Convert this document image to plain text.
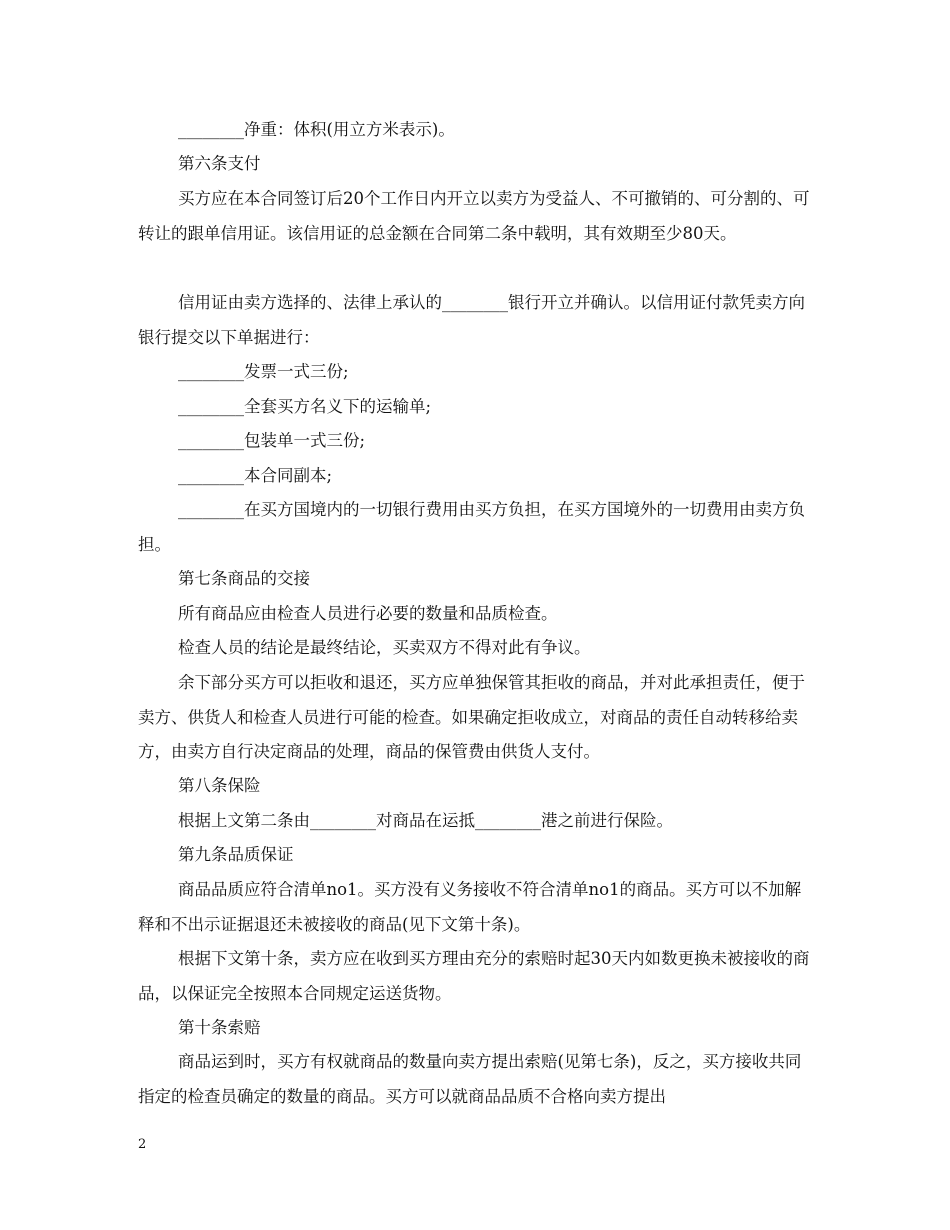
________净重：体积(用立方米表示)。

第六条支付

买方应在本合同签订后20个工作日内开立以卖方为受益人、不可撤销的、可分割的、可转让的跟单信用证。该信用证的总金额在合同第二条中载明，其有效期至少80天。

信用证由卖方选择的、法律上承认的________银行开立并确认。以信用证付款凭卖方向银行提交以下单据进行：

________发票一式三份;

________全套买方名义下的运输单;

________包装单一式三份;

________本合同副本;

________在买方国境内的一切银行费用由买方负担，在买方国境外的一切费用由卖方负担。

第七条商品的交接

所有商品应由检查人员进行必要的数量和品质检查。

检查人员的结论是最终结论，买卖双方不得对此有争议。

余下部分买方可以拒收和退还，买方应单独保管其拒收的商品，并对此承担责任，便于卖方、供货人和检查人员进行可能的检查。如果确定拒收成立，对商品的责任自动转移给卖方，由卖方自行决定商品的处理，商品的保管费由供货人支付。

第八条保险

根据上文第二条由________对商品在运抵________港之前进行保险。

第九条品质保证

商品品质应符合清单no1。买方没有义务接收不符合清单no1的商品。买方可以不加解释和不出示证据退还未被接收的商品(见下文第十条)。

根据下文第十条，卖方应在收到买方理由充分的索赔时起30天内如数更换未被接收的商品，以保证完全按照本合同规定运送货物。

第十条索赔

商品运到时，买方有权就商品的数量向卖方提出索赔(见第七条)，反之，买方接收共同指定的检查员确定的数量的商品。买方可以就商品品质不合格向卖方提出

2
